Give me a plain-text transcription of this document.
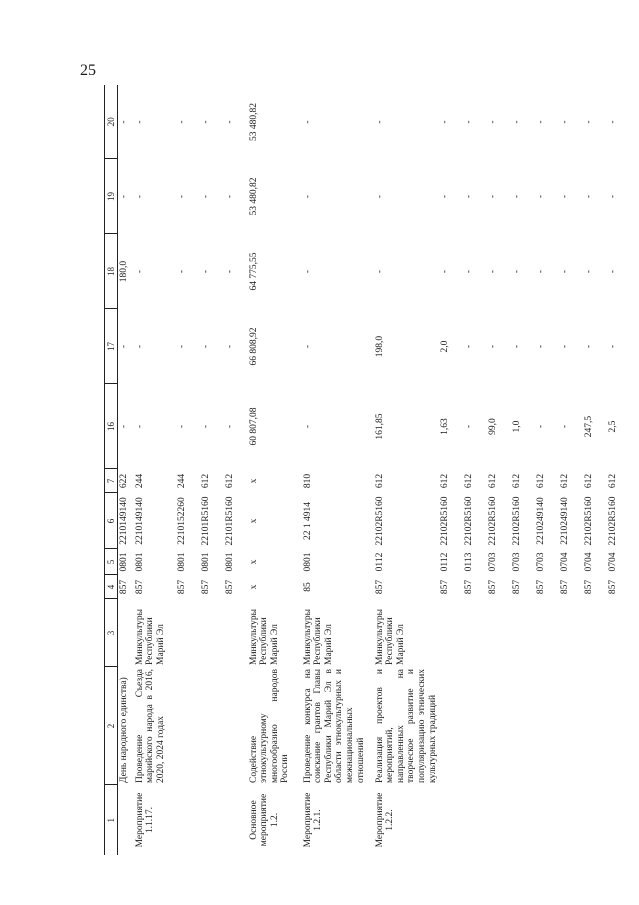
25
1	2	3	4	5	6	7	16	17	18	19	20
	День народного единства)		857	0801	2210149140	622	-	-	180,0	-	-
Мероприятие 1.1.17.	Проведение Съезда марийского народа в 2016, 2020, 2024 годах	Минкультуры Республики Марий Эл	857	0801	2210149140	244	-	-	-	-	-
			857	0801	2210152260	244	-	-	-	-	-
			857	0801	22101R5160	612	-	-	-	-	-
			857	0801	22101R5160	612	-	-	-	-	-
Основное мероприятие 1.2.	Содействие этнокультурному многообразию народов России	Минкультуры Республики Марий Эл	х	х	х	х	60 807,08	66 808,92	64 775,55	53 480,82	53 480,82
Мероприятие 1.2.1.	Проведение конкурса на соискание грантов Главы Республики Марий Эл в области этнокультурных и межнациональных отношений	Минкультуры Республики Марий Эл	85	0801	22 1 4914	810	-	-	-	-	-
Мероприятие 1.2.2.	Реализация проектов и мероприятий, направленных на творческое развитие и популяризацию этнических культурных традиций	Минкультуры Республики Марий Эл	857	0112	22102R5160	612	161,85	198,0	-	-	-
			857	0112	22102R5160	612	1,63	2,0	-	-	-
			857	0113	22102R5160	612	-	-	-	-	-
			857	0703	22102R5160	612	99,0	-	-	-	-
			857	0703	22102R5160	612	1,0	-	-	-	-
			857	0703	2210249140	612	-	-	-	-	-
			857	0704	2210249140	612	-	-	-	-	-
			857	0704	22102R5160	612	247,5	-	-	-	-
			857	0704	22102R5160	612	2,5	-	-	-	-
